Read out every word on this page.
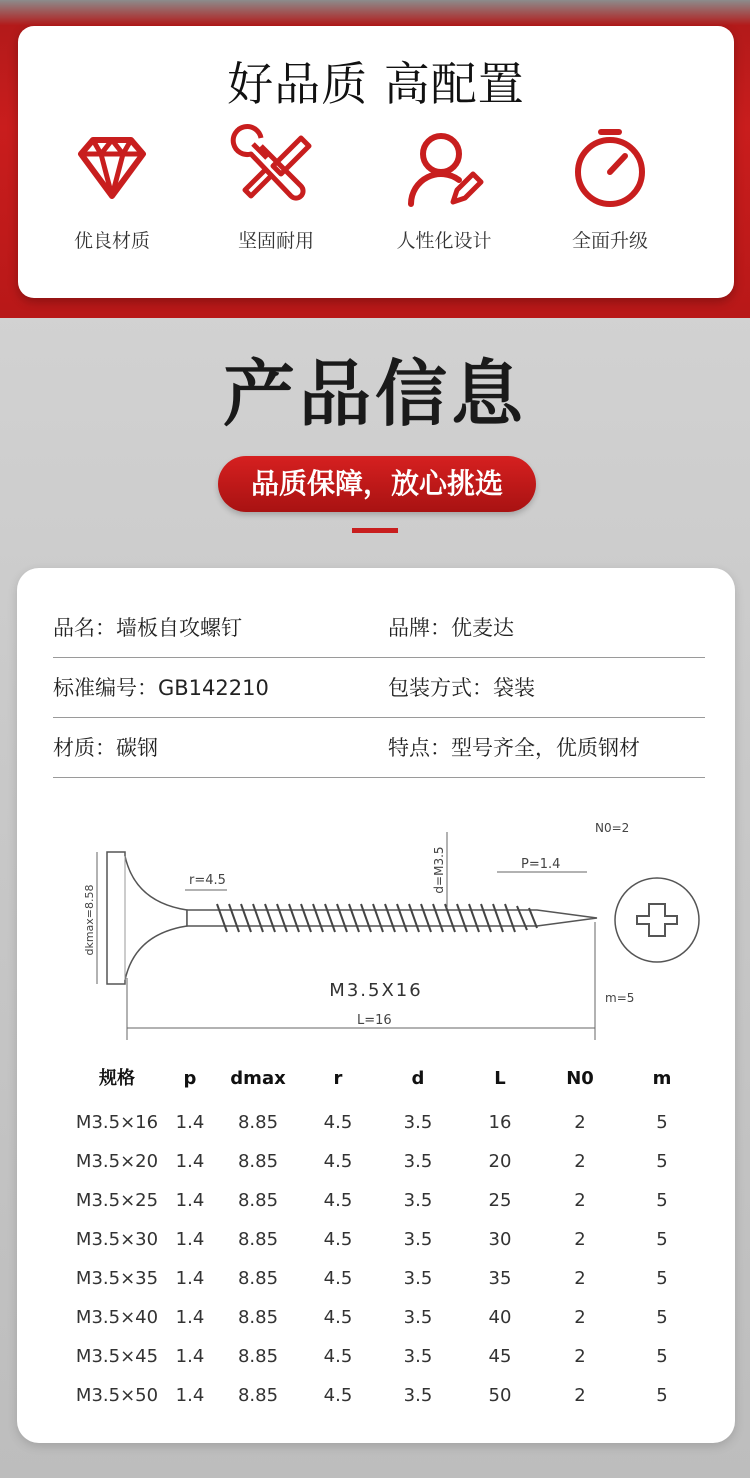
好品质 高配置
优良材质	坚固耐用	人性化设计	全面升级
产品信息
品质保障，放心挑选
品名：墙板自攻螺钉	品牌：优麦达
标准编号：GB142210	包装方式：袋装
材质：碳钢	特点：型号齐全，优质钢材
dkmax=8.58
r=4.5	d=M3.5	P=1.4
L=16
N0=2
m=5
M3.5X16
规格	p	dmax	r	d	L	N0	m
M3.5×16 1.4	8.85	4.5	3.5	16	2	5
M3.5×20 1.4	8.85	4.5	3.5	20	2	5
M3.5×25 1.4	8.85	4.5	3.5	25	2	5
M3.5×30 1.4	8.85	4.5	3.5	30	2	5
M3.5×35 1.4	8.85	4.5	3.5	35	2	5
M3.5×40 1.4	8.85	4.5	3.5	40	2	5
M3.5×45 1.4	8.85	4.5	3.5	45	2	5
M3.5×50 1.4	8.85	4.5	3.5	50	2	5
